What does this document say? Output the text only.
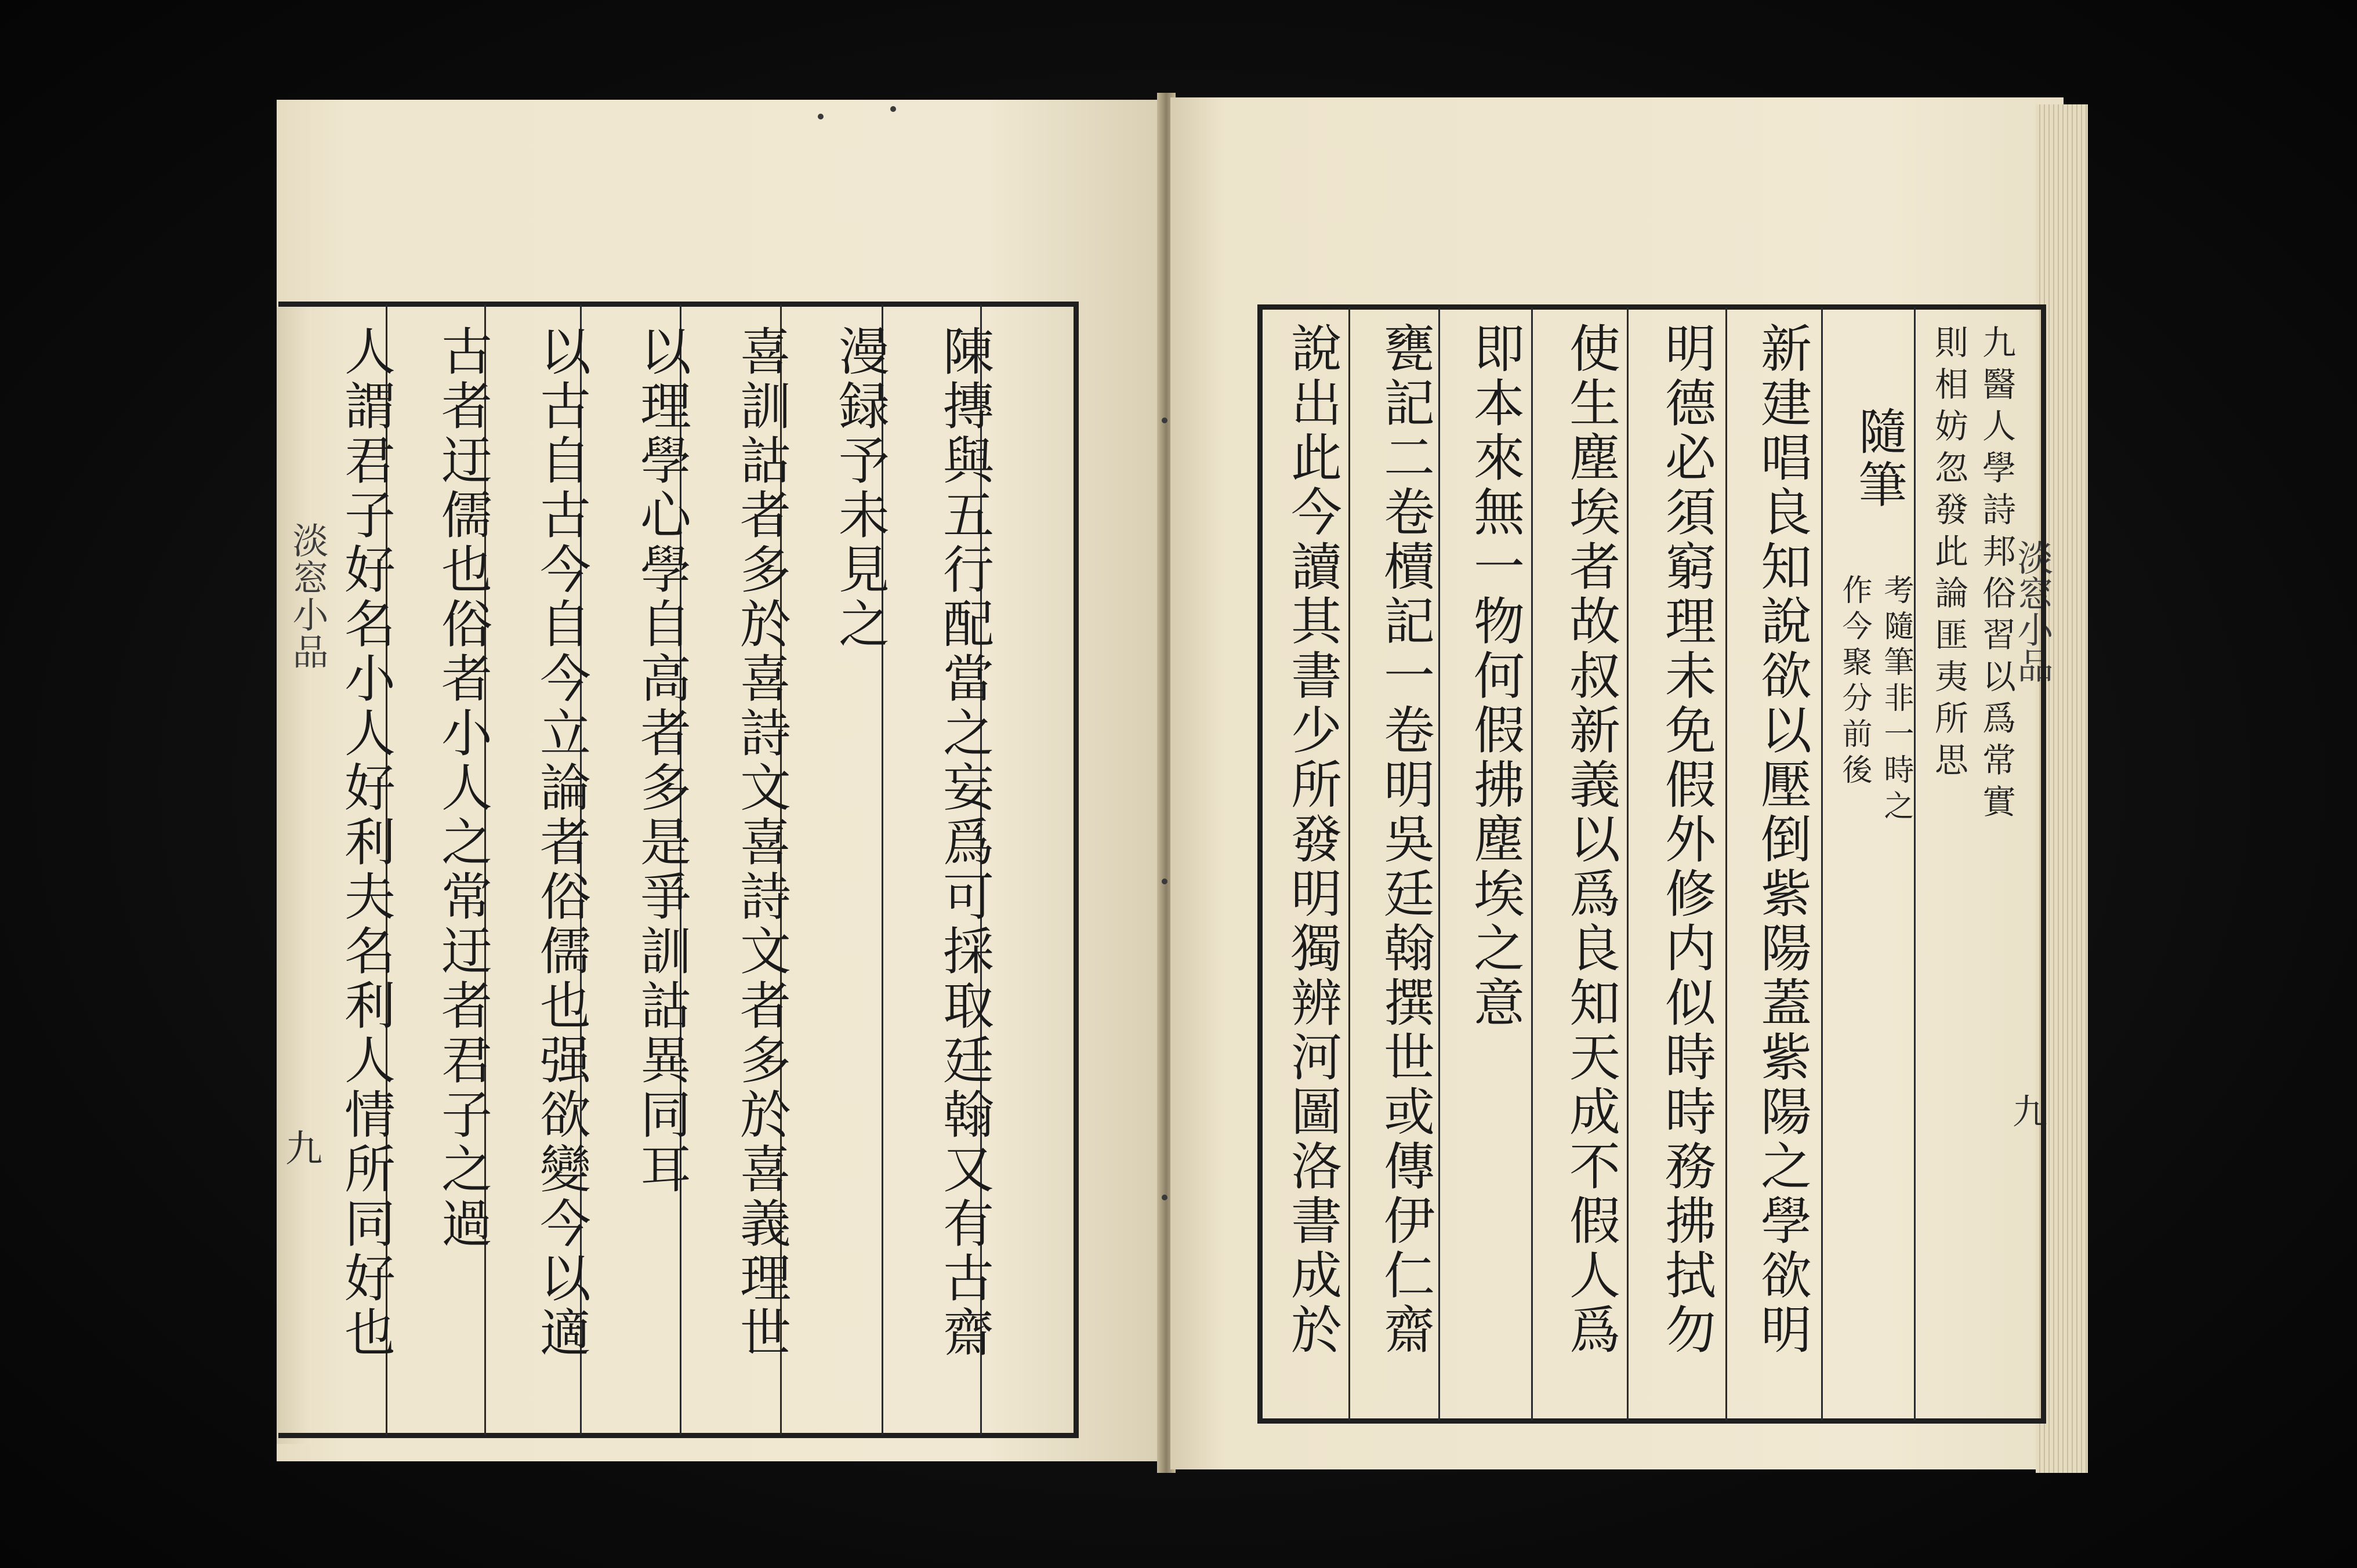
淡窓小品
九	陳摶與五行配當之妄爲可採取廷翰又有古齋
漫録予未見之
喜訓詁者多於喜詩文喜詩文者多於喜義理世
以理學心學自高者多是爭訓詁異同耳
以古自古今自今立論者俗儒也强欲變今以適
古者迂儒也俗者小人之常迂者君子之過
人謂君子好名小人好利夫名利人情所同好也	淡窓小品
九
九醫人學詩邦俗習以爲常實
則相妨忽發此論匪夷所思
隨筆
作今聚分前後 考隨筆非一時之
新建唱良知說欲以壓倒紫陽蓋紫陽之學欲明
明德必須窮理未免假外修内似時時務拂拭勿
使生塵埃者故叔新義以爲良知天成不假人爲
即本來無一物何假拂塵埃之意
甕記二卷櫝記一卷明吳廷翰撰世或傳伊仁齋
說出此今讀其書少所發明獨辨河圖洛書成於
